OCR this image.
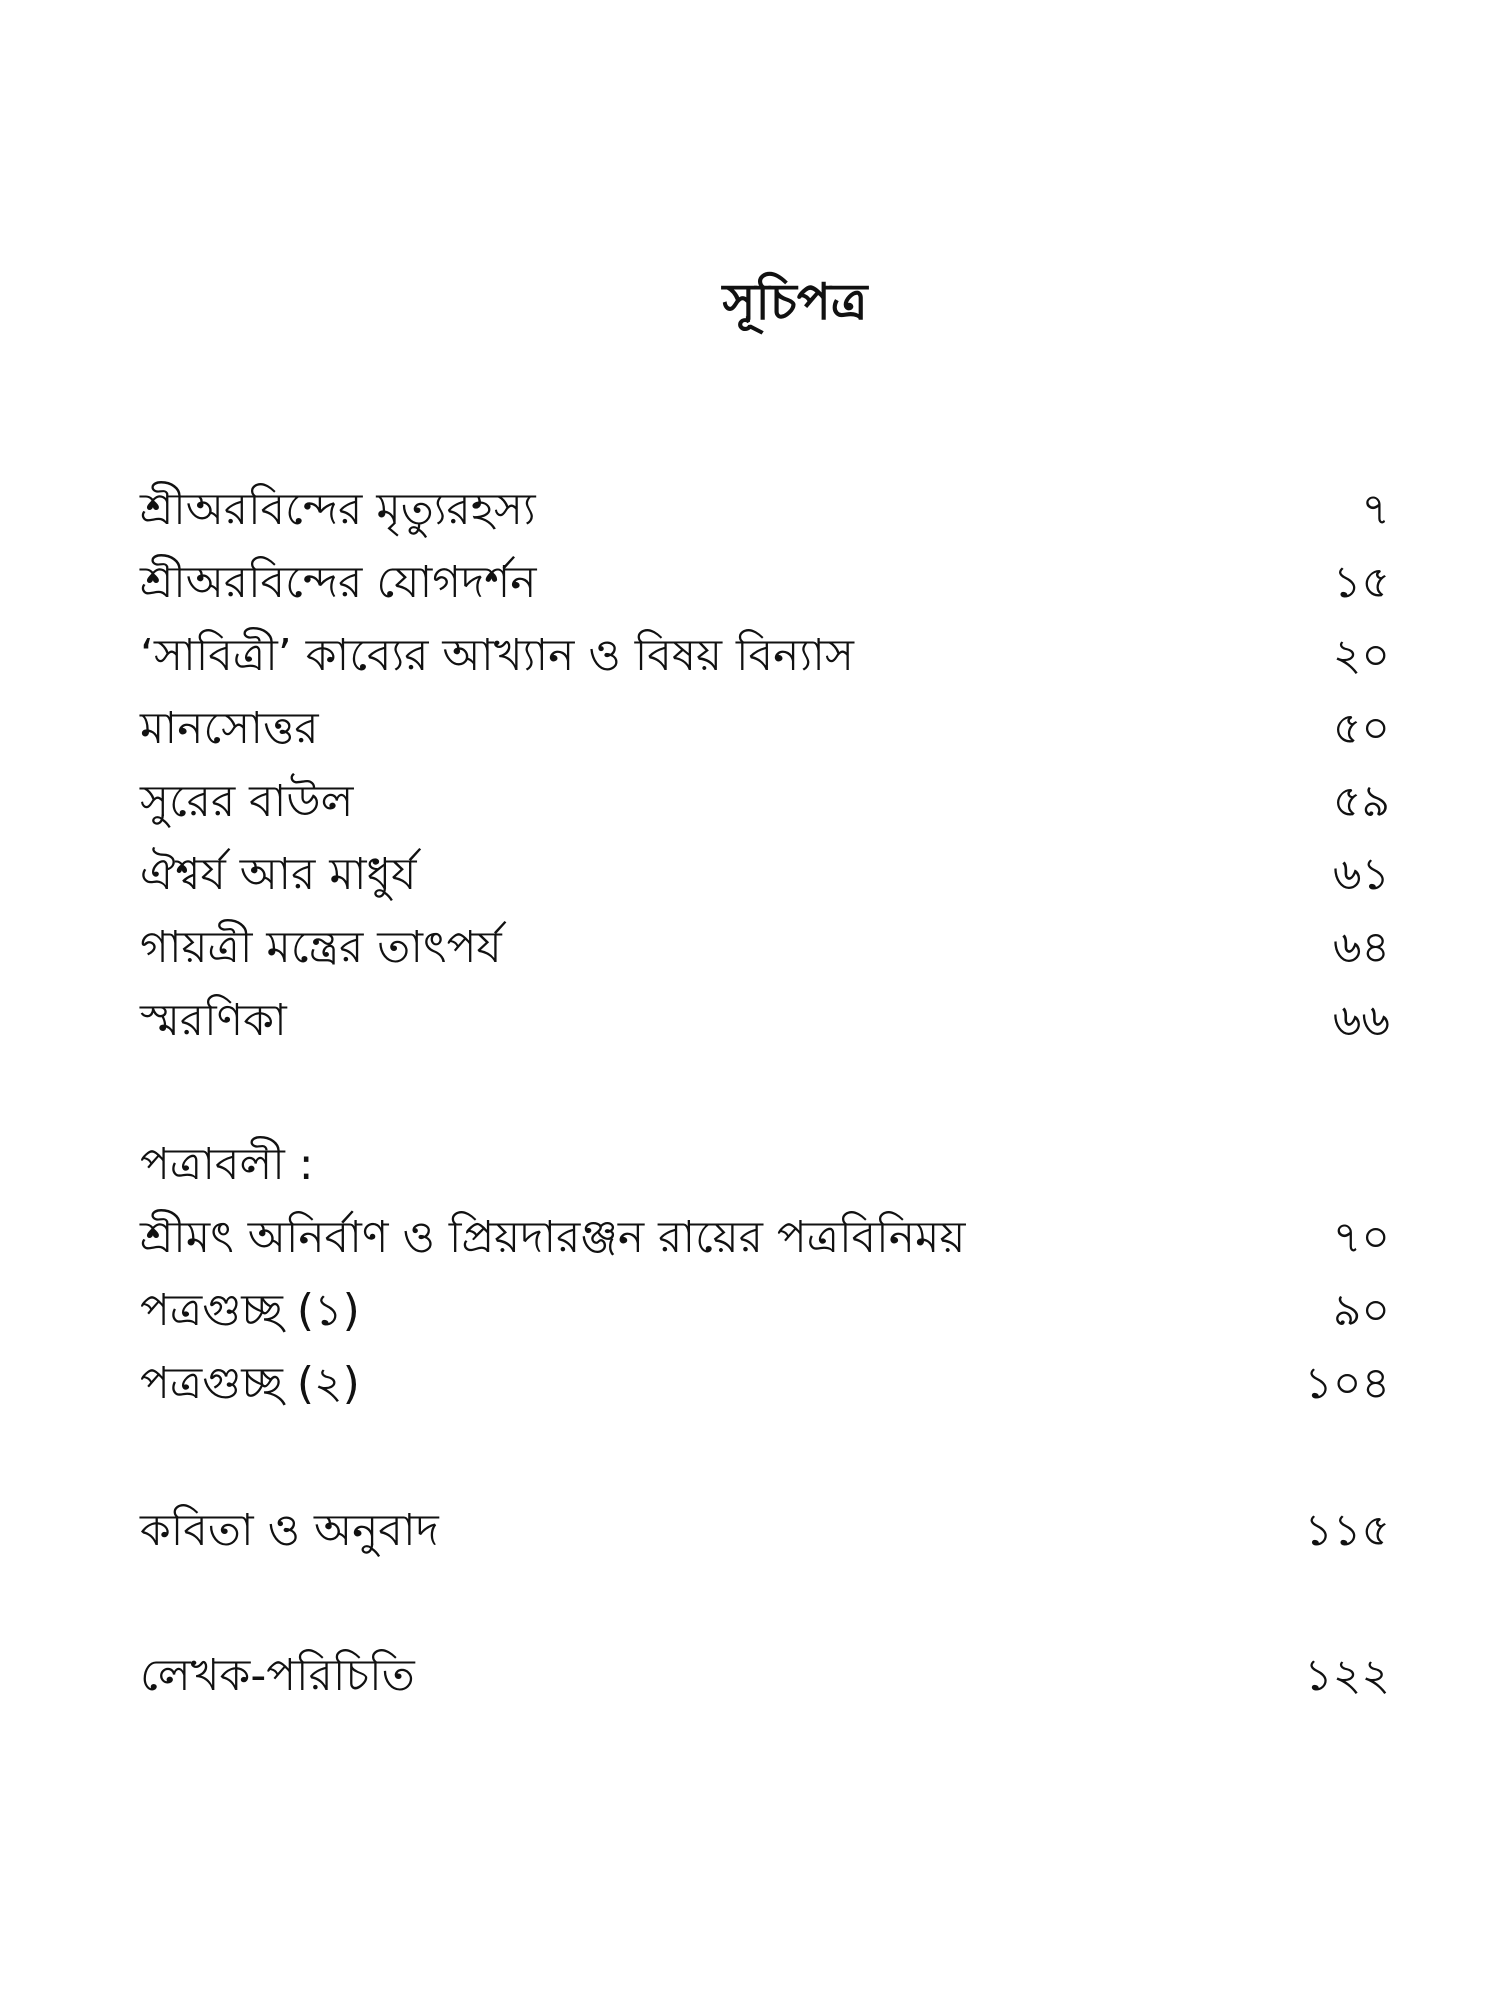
সূচিপত্র
শ্রীঅরবিন্দের মৃত্যুরহস্য	৭
শ্রীঅরবিন্দের যোগদর্শন	১৫
‘সাবিত্রী’ কাব্যের আখ্যান ও বিষয় বিন্যাস	২০
মানসোত্তর	৫০
সুরের বাউল	৫৯
ঐশ্বর্য আর মাধুর্য	৬১
গায়ত্রী মন্ত্রের তাৎপর্য	৬৪
স্মরণিকা	৬৬
পত্রাবলী :
শ্রীমৎ অনির্বাণ ও প্রিয়দারঞ্জন রায়ের পত্রবিনিময়	৭০
পত্রগুচ্ছ (১)	৯০
পত্রগুচ্ছ (২)	১০৪
কবিতা ও অনুবাদ	১১৫
লেখক-পরিচিতি	১২২
